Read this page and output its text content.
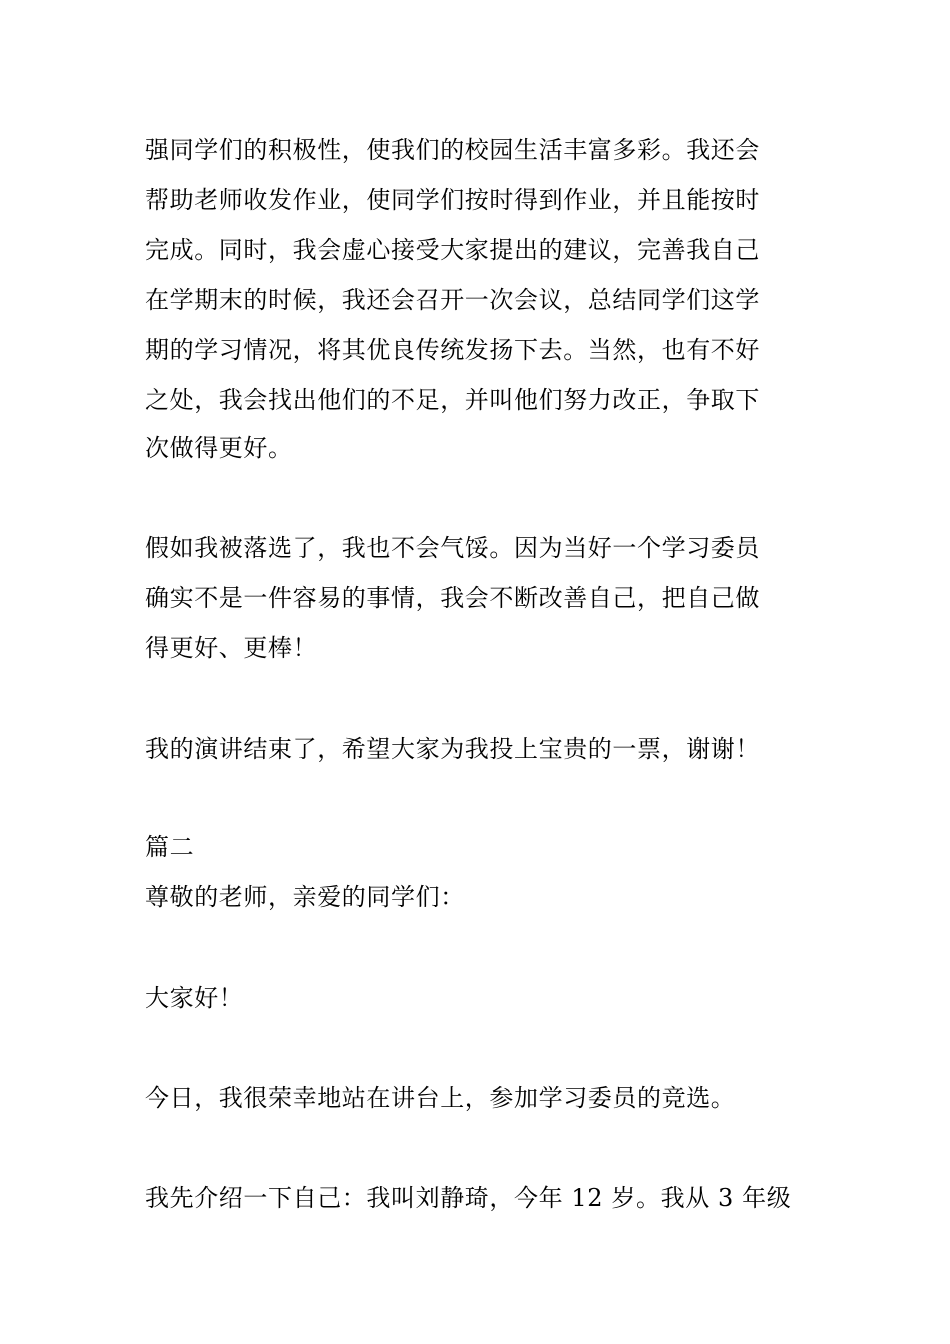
强同学们的积极性，使我们的校园生活丰富多彩。我还会
帮助老师收发作业，使同学们按时得到作业，并且能按时
完成。同时，我会虚心接受大家提出的建议，完善我自己
在学期末的时候，我还会召开一次会议，总结同学们这学
期的学习情况，将其优良传统发扬下去。当然，也有不好
之处，我会找出他们的不足，并叫他们努力改正，争取下
次做得更好。
假如我被落选了，我也不会气馁。因为当好一个学习委员
确实不是一件容易的事情，我会不断改善自己，把自己做
得更好、更棒！
我的演讲结束了，希望大家为我投上宝贵的一票，谢谢！
篇二
尊敬的老师，亲爱的同学们：
大家好！
今日，我很荣幸地站在讲台上，参加学习委员的竞选。
我先介绍一下自己：我叫刘静琦，今年 12 岁。我从 3 年级
